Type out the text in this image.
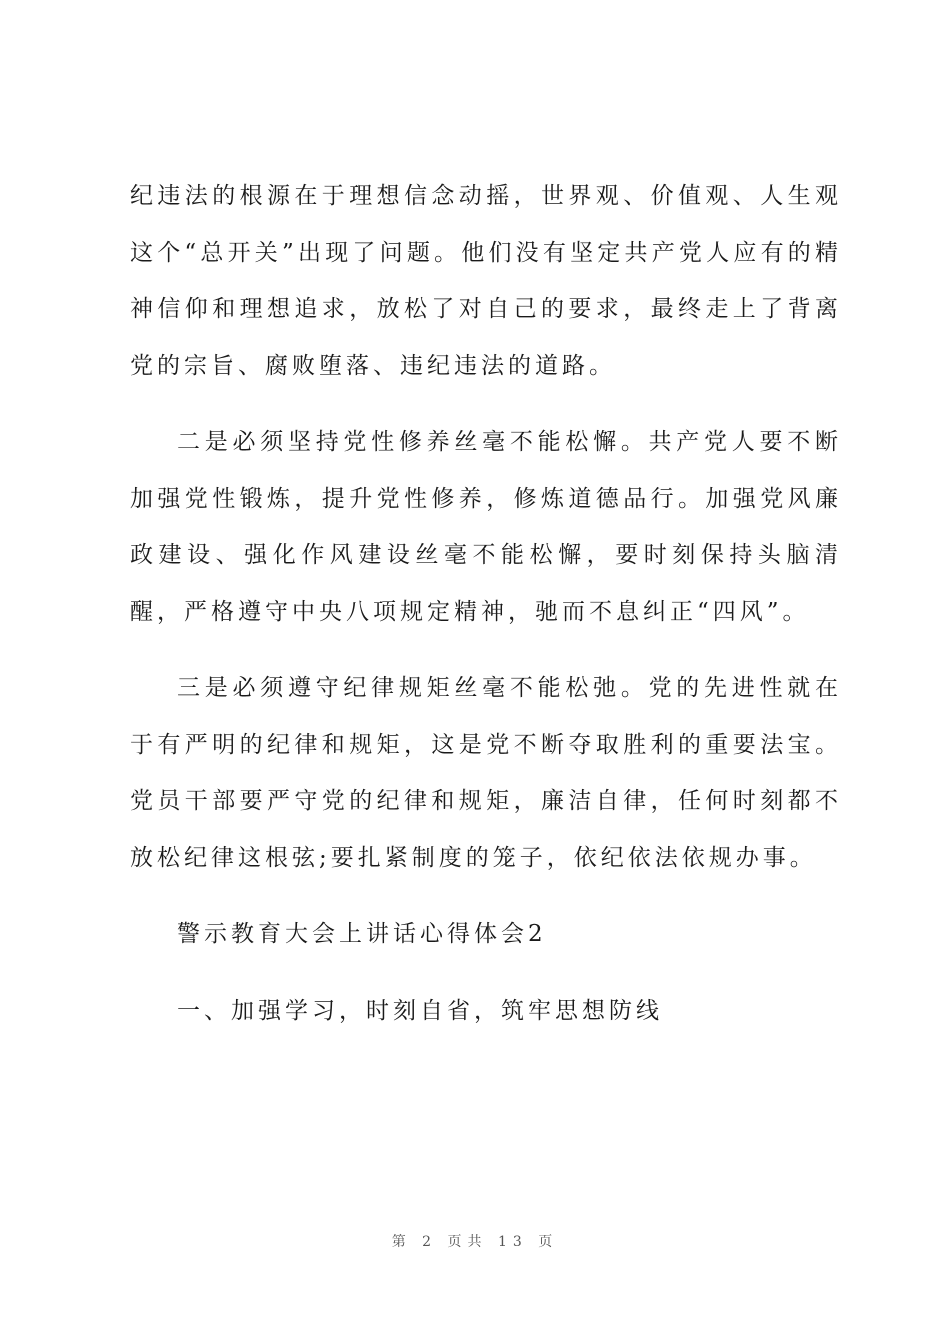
纪违法的根源在于理想信念动摇，世界观、价值观、人生观这个“总开关”出现了问题。他们没有坚定共产党人应有的精神信仰和理想追求，放松了对自己的要求，最终走上了背离党的宗旨、腐败堕落、违纪违法的道路。

二是必须坚持党性修养丝毫不能松懈。共产党人要不断加强党性锻炼，提升党性修养，修炼道德品行。加强党风廉政建设、强化作风建设丝毫不能松懈，要时刻保持头脑清醒，严格遵守中央八项规定精神，驰而不息纠正“四风”。

三是必须遵守纪律规矩丝毫不能松弛。党的先进性就在于有严明的纪律和规矩，这是党不断夺取胜利的重要法宝。党员干部要严守党的纪律和规矩，廉洁自律，任何时刻都不放松纪律这根弦;要扎紧制度的笼子，依纪依法依规办事。

警示教育大会上讲话心得体会2

一、加强学习，时刻自省，筑牢思想防线

第 2 页共 13 页
